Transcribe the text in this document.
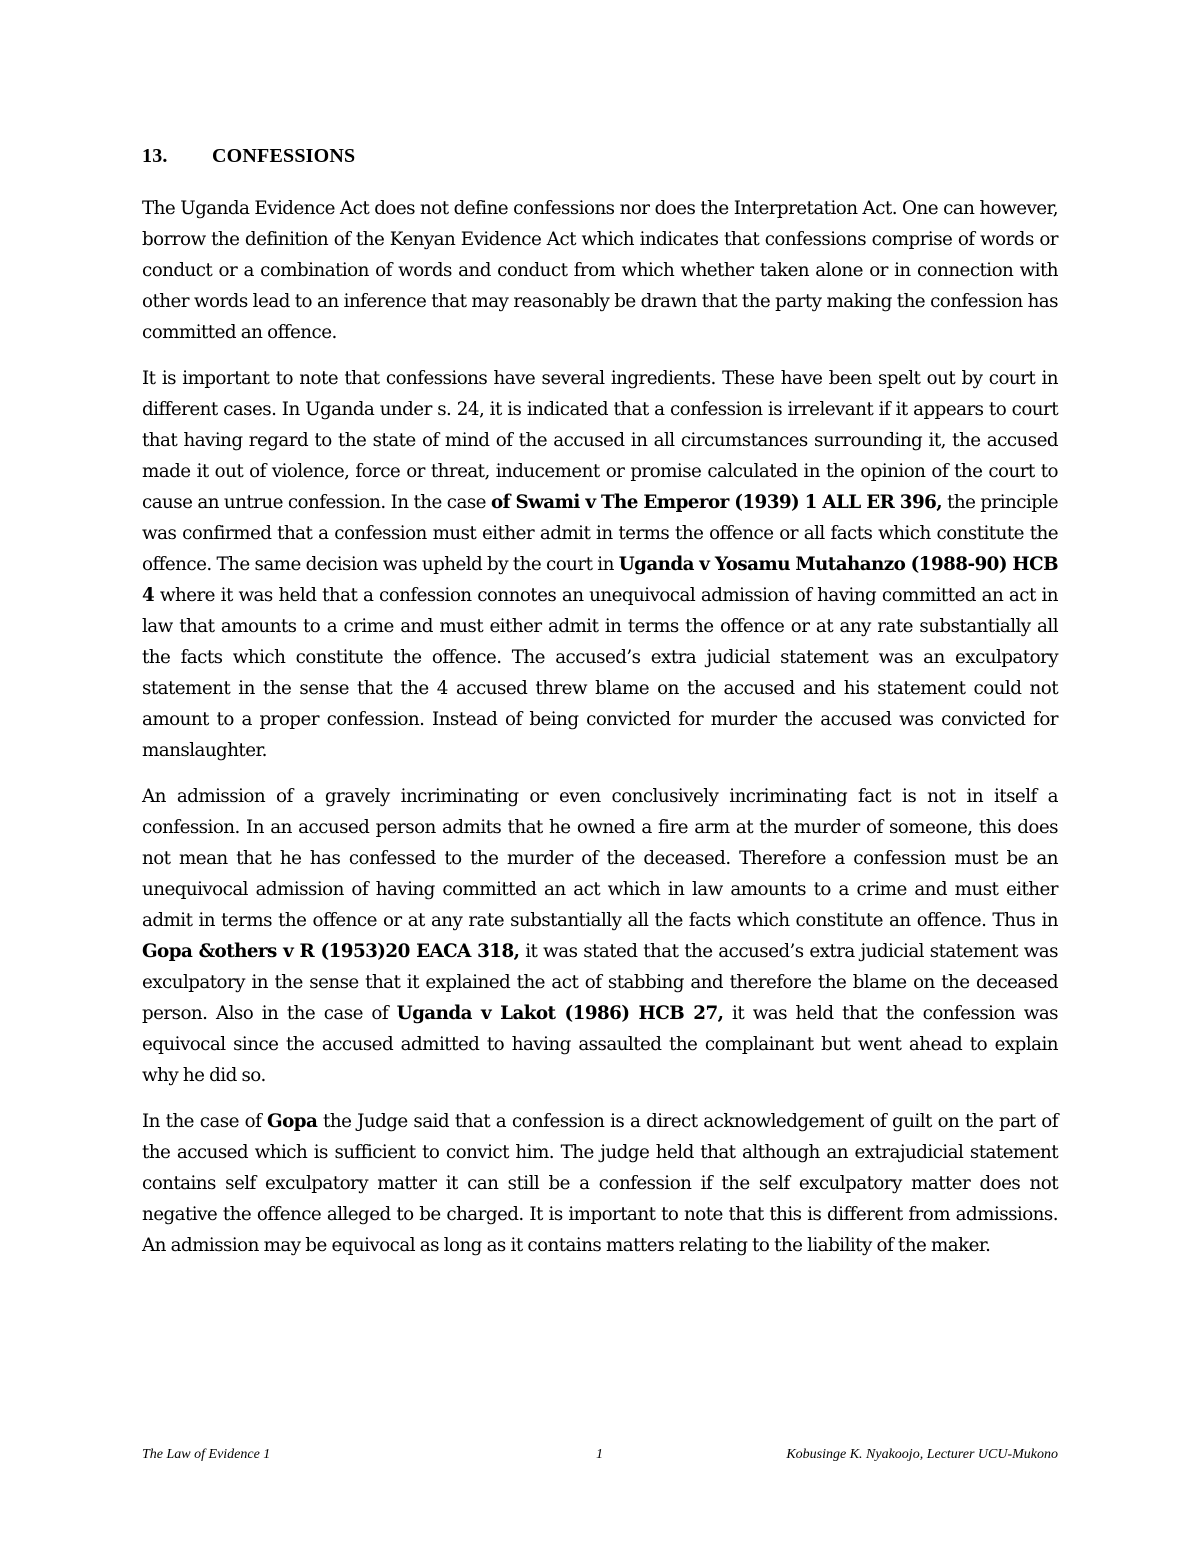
13. CONFESSIONS

The Uganda Evidence Act does not define confessions nor does the Interpretation Act. One can however, borrow the definition of the Kenyan Evidence Act which indicates that confessions comprise of words or conduct or a combination of words and conduct from which whether taken alone or in connection with other words lead to an inference that may reasonably be drawn that the party making the confession has committed an offence.

It is important to note that confessions have several ingredients. These have been spelt out by court in different cases. In Uganda under s. 24, it is indicated that a confession is irrelevant if it appears to court that having regard to the state of mind of the accused in all circumstances surrounding it, the accused made it out of violence, force or threat, inducement or promise calculated in the opinion of the court to cause an untrue confession. In the case of Swami v The Emperor (1939) 1 ALL ER 396, the principle was confirmed that a confession must either admit in terms the offence or all facts which constitute the offence. The same decision was upheld by the court in Uganda v Yosamu Mutahanzo (1988-90) HCB 4 where it was held that a confession connotes an unequivocal admission of having committed an act in law that amounts to a crime and must either admit in terms the offence or at any rate substantially all the facts which constitute the offence. The accused’s extra judicial statement was an exculpatory statement in the sense that the 4 accused threw blame on the accused and his statement could not amount to a proper confession. Instead of being convicted for murder the accused was convicted for manslaughter.

An admission of a gravely incriminating or even conclusively incriminating fact is not in itself a confession. In an accused person admits that he owned a fire arm at the murder of someone, this does not mean that he has confessed to the murder of the deceased. Therefore a confession must be an unequivocal admission of having committed an act which in law amounts to a crime and must either admit in terms the offence or at any rate substantially all the facts which constitute an offence. Thus in Gopa &others v R (1953)20 EACA 318, it was stated that the accused’s extra judicial statement was exculpatory in the sense that it explained the act of stabbing and therefore the blame on the deceased person. Also in the case of Uganda v Lakot (1986) HCB 27, it was held that the confession was equivocal since the accused admitted to having assaulted the complainant but went ahead to explain why he did so.

In the case of Gopa the Judge said that a confession is a direct acknowledgement of guilt on the part of the accused which is sufficient to convict him. The judge held that although an extrajudicial statement contains self exculpatory matter it can still be a confession if the self exculpatory matter does not negative the offence alleged to be charged. It is important to note that this is different from admissions. An admission may be equivocal as long as it contains matters relating to the liability of the maker.

The Law of Evidence 1	1	Kobusinge K. Nyakoojo, Lecturer UCU-Mukono
